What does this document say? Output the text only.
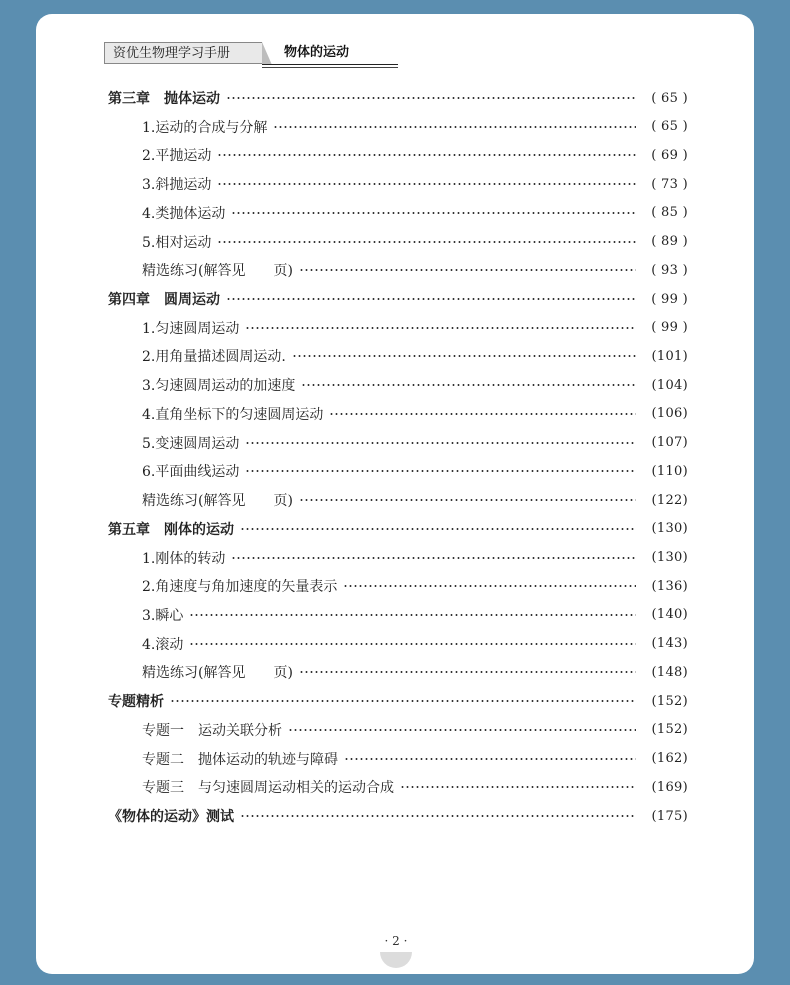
资优生物理学习手册	物体的运动
第三章　抛体运动	( 65 )
1.运动的合成与分解	( 65 )
2.平抛运动	( 69 )
3.斜抛运动	( 73 )
4.类抛体运动	( 85 )
5.相对运动	( 89 )
精选练习(解答见　　页)	( 93 )
第四章　圆周运动	( 99 )
1.匀速圆周运动	( 99 )
2.用角量描述圆周运动.	(101)
3.匀速圆周运动的加速度	(104)
4.直角坐标下的匀速圆周运动	(106)
5.变速圆周运动	(107)
6.平面曲线运动	(110)
精选练习(解答见　　页)	(122)
第五章　刚体的运动	(130)
1.刚体的转动	(130)
2.角速度与角加速度的矢量表示	(136)
3.瞬心	(140)
4.滚动	(143)
精选练习(解答见　　页)	(148)
专题精析	(152)
专题一　运动关联分析	(152)
专题二　抛体运动的轨迹与障碍	(162)
专题三　与匀速圆周运动相关的运动合成	(169)
《物体的运动》测试	(175)
· 2 ·
